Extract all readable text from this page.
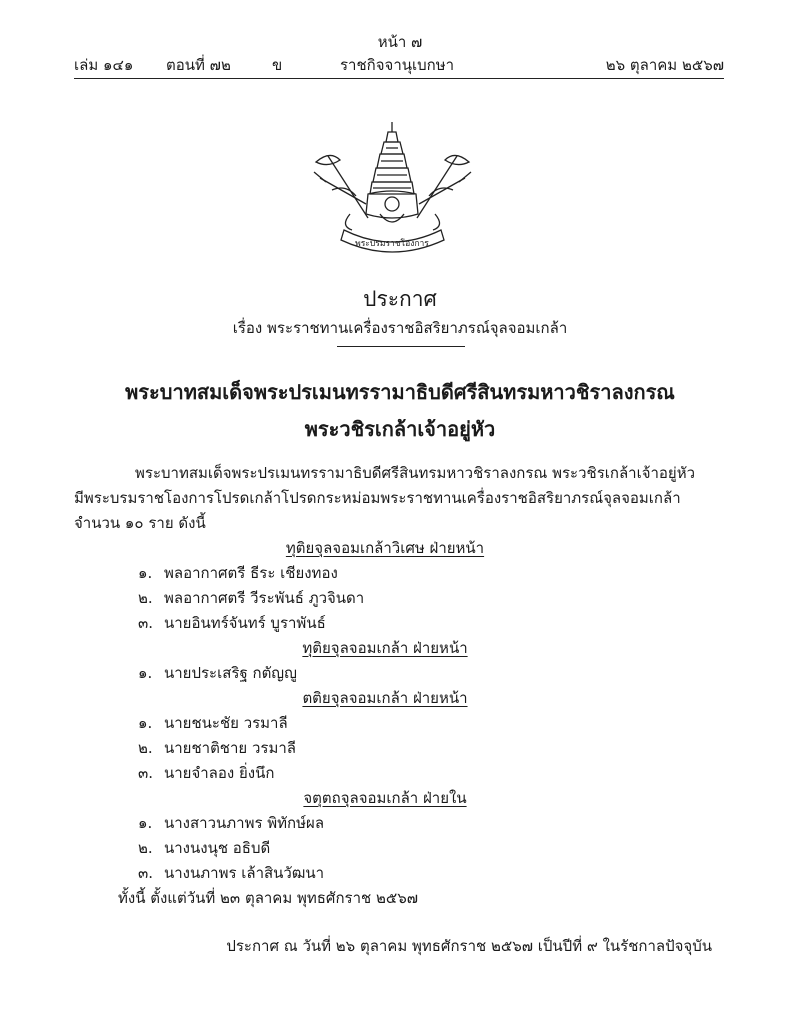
หน้า ๗
เล่ม ๑๔๑ ตอนที่ ๗๒	ข	ราชกิจจานุเบกษา	๒๖ ตุลาคม ๒๕๖๗
พระบรมราชโองการ
ประกาศ
เรื่อง พระราชทานเครื่องราชอิสริยาภรณ์จุลจอมเกล้า
พระบาทสมเด็จพระปรเมนทรรามาธิบดีศรีสินทรมหาวชิราลงกรณ
พระวชิรเกล้าเจ้าอยู่หัว
พระบาทสมเด็จพระปรเมนทรรามาธิบดีศรีสินทรมหาวชิราลงกรณ พระวชิรเกล้าเจ้าอยู่หัว
มีพระบรมราชโองการโปรดเกล้าโปรดกระหม่อมพระราชทานเครื่องราชอิสริยาภรณ์จุลจอมเกล้า
จำนวน ๑๐ ราย ดังนี้
ทุติยจุลจอมเกล้าวิเศษ ฝ่ายหน้า
๑. พลอากาศตรี ธีระ เชียงทอง
๒. พลอากาศตรี วีระพันธ์ ภูวจินดา
๓. นายอินทร์จันทร์ บูราพันธ์
ทุติยจุลจอมเกล้า ฝ่ายหน้า
๑. นายประเสริฐ กตัญญู
ตติยจุลจอมเกล้า ฝ่ายหน้า
๑. นายชนะชัย วรมาลี
๒. นายชาติชาย วรมาลี
๓. นายจำลอง ยิ่งนึก
จตุตถจุลจอมเกล้า ฝ่ายใน
๑. นางสาวนภาพร พิทักษ์ผล
๒. นางนงนุช อธิบดี
๓. นางนภาพร เล้าสินวัฒนา
ทั้งนี้ ตั้งแต่วันที่ ๒๓ ตุลาคม พุทธศักราช ๒๕๖๗
ประกาศ ณ วันที่ ๒๖ ตุลาคม พุทธศักราช ๒๕๖๗ เป็นปีที่ ๙ ในรัชกาลปัจจุบัน
